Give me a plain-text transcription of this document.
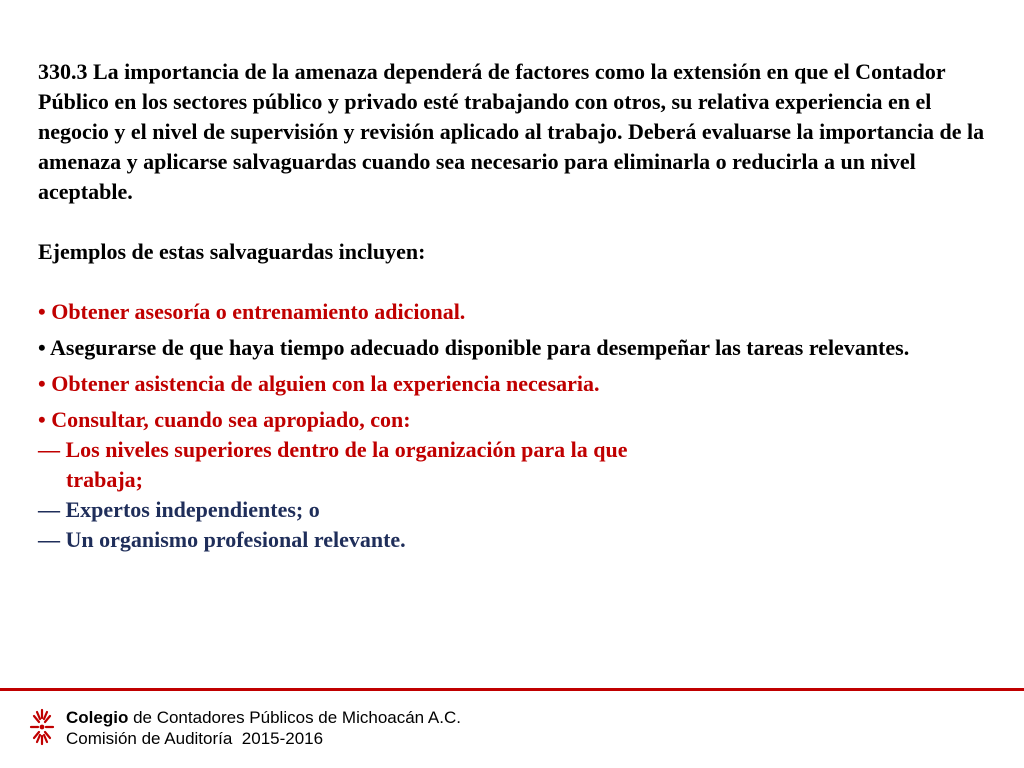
330.3 La importancia de la amenaza dependerá de factores como la extensión en que el Contador Público en los sectores público y privado esté trabajando con otros, su relativa experiencia en el negocio y el nivel de supervisión y revisión aplicado al trabajo. Deberá evaluarse la importancia de la amenaza y aplicarse salvaguardas cuando sea necesario para eliminarla o reducirla a un nivel aceptable.

Ejemplos de estas salvaguardas incluyen:

• Obtener asesoría o entrenamiento adicional.

• Asegurarse de que haya tiempo adecuado disponible para desempeñar las tareas relevantes.

• Obtener asistencia de alguien con la experiencia necesaria.

• Consultar, cuando sea apropiado, con:

— Los niveles superiores dentro de la organización para la que
trabaja;

— Expertos independientes; o

— Un organismo profesional relevante.

Colegio de Contadores Públicos de Michoacán A.C.
Comisión de Auditoría 2015-2016
